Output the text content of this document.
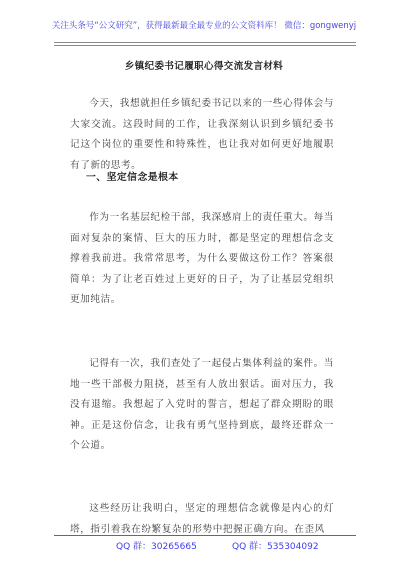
关注头条号“公文研究”，获得最新最全最专业的公文资料库！ 微信：gongwenyj
乡镇纪委书记履职心得交流发言材料

今天，我想就担任乡镇纪委书记以来的一些心得体会与大家交流。这段时间的工作，让我深刻认识到乡镇纪委书记这个岗位的重要性和特殊性，也让我对如何更好地履职有了新的思考。

一、坚定信念是根本

作为一名基层纪检干部，我深感肩上的责任重大。每当面对复杂的案情、巨大的压力时，都是坚定的理想信念支撑着我前进。我常常思考，为什么要做这份工作？答案很简单：为了让老百姓过上更好的日子，为了让基层党组织更加纯洁。

记得有一次，我们查处了一起侵占集体利益的案件。当地一些干部极力阻挠，甚至有人放出狠话。面对压力，我没有退缩。我想起了入党时的誓言，想起了群众期盼的眼神。正是这份信念，让我有勇气坚持到底，最终还群众一个公道。

这些经历让我明白，坚定的理想信念就像是内心的灯塔，指引着我在纷繁复杂的形势中把握正确方向。在歪风

QQ 群：30265665	QQ 群：535304092
